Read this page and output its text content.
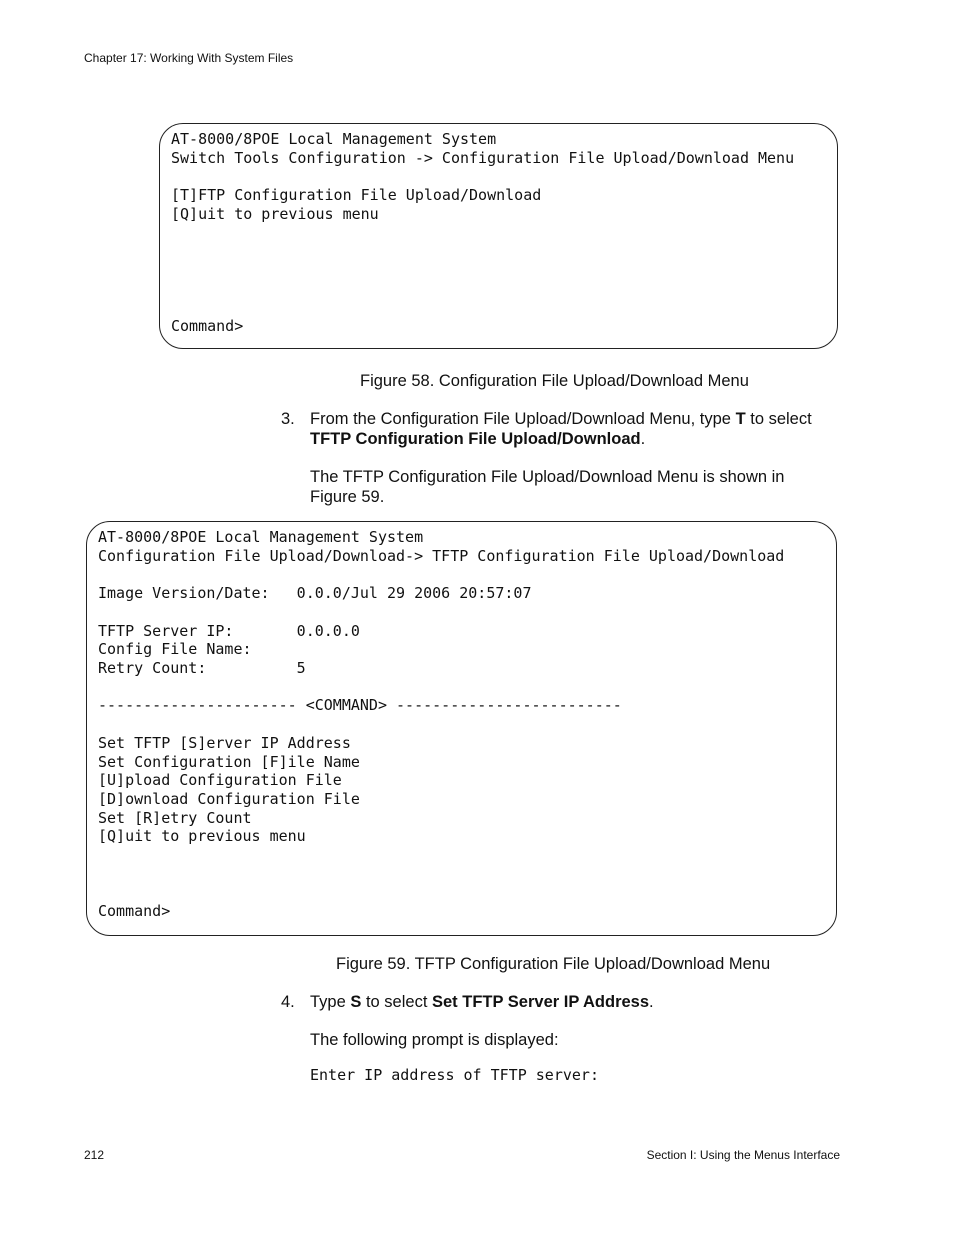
Chapter 17: Working With System Files
AT-8000/8POE Local Management System
Switch Tools Configuration -> Configuration File Upload/Download Menu
[T]FTP Configuration File Upload/Download
[Q]uit to previous menu
Command>
Figure 58. Configuration File Upload/Download Menu
3. From the Configuration File Upload/Download Menu, type T to select
TFTP Configuration File Upload/Download.
The TFTP Configuration File Upload/Download Menu is shown in Figure 59.
AT-8000/8POE Local Management System
Configuration File Upload/Download-> TFTP Configuration File Upload/Download
Image Version/Date:   0.0.0/Jul 29 2006 20:57:07
TFTP Server IP:       0.0.0.0
Config File Name:
Retry Count:          5
---------------------- <COMMAND> -------------------------
Set TFTP [S]erver IP Address
Set Configuration [F]ile Name
[U]pload Configuration File
[D]ownload Configuration File
Set [R]etry Count
[Q]uit to previous menu
Command>
Figure 59. TFTP Configuration File Upload/Download Menu
4. Type S to select Set TFTP Server IP Address.
The following prompt is displayed:
Enter IP address of TFTP server:
212	Section I: Using the Menus Interface
